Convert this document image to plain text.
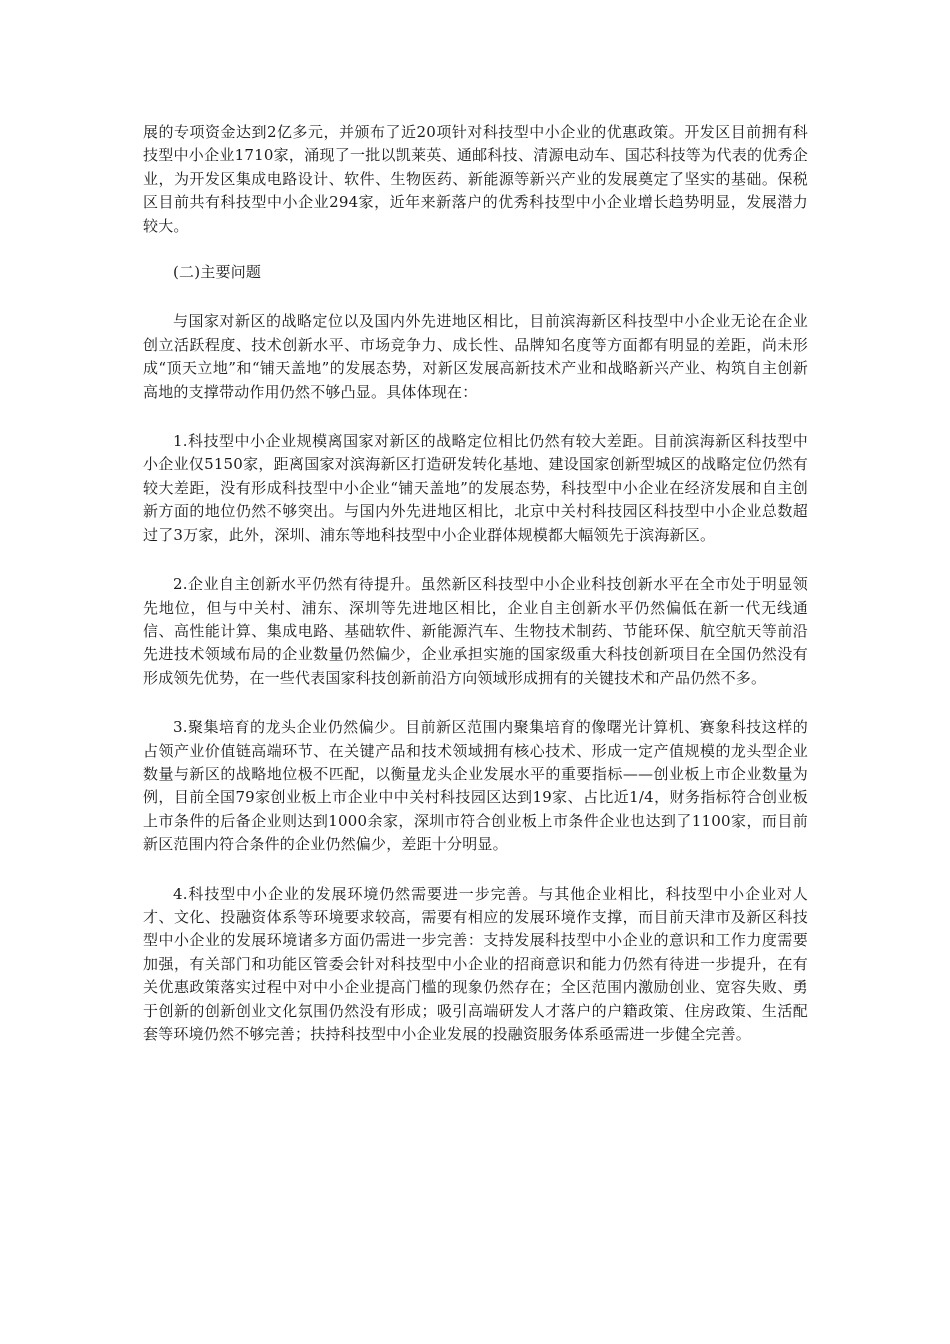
展的专项资金达到2亿多元，并颁布了近20项针对科技型中小企业的优惠政策。开发区目前拥有科技型中小企业1710家，涌现了一批以凯莱英、通邮科技、清源电动车、国芯科技等为代表的优秀企业，为开发区集成电路设计、软件、生物医药、新能源等新兴产业的发展奠定了坚实的基础。保税区目前共有科技型中小企业294家，近年来新落户的优秀科技型中小企业增长趋势明显，发展潜力较大。

(二)主要问题

与国家对新区的战略定位以及国内外先进地区相比，目前滨海新区科技型中小企业无论在企业创立活跃程度、技术创新水平、市场竞争力、成长性、品牌知名度等方面都有明显的差距，尚未形成“顶天立地”和“铺天盖地”的发展态势，对新区发展高新技术产业和战略新兴产业、构筑自主创新高地的支撑带动作用仍然不够凸显。具体体现在：

1.科技型中小企业规模离国家对新区的战略定位相比仍然有较大差距。目前滨海新区科技型中小企业仅5150家，距离国家对滨海新区打造研发转化基地、建设国家创新型城区的战略定位仍然有较大差距，没有形成科技型中小企业“铺天盖地”的发展态势，科技型中小企业在经济发展和自主创新方面的地位仍然不够突出。与国内外先进地区相比，北京中关村科技园区科技型中小企业总数超过了3万家，此外，深圳、浦东等地科技型中小企业群体规模都大幅领先于滨海新区。

2.企业自主创新水平仍然有待提升。虽然新区科技型中小企业科技创新水平在全市处于明显领先地位，但与中关村、浦东、深圳等先进地区相比，企业自主创新水平仍然偏低在新一代无线通信、高性能计算、集成电路、基础软件、新能源汽车、生物技术制药、节能环保、航空航天等前沿先进技术领域布局的企业数量仍然偏少，企业承担实施的国家级重大科技创新项目在全国仍然没有形成领先优势，在一些代表国家科技创新前沿方向领域形成拥有的关键技术和产品仍然不多。

3.聚集培育的龙头企业仍然偏少。目前新区范围内聚集培育的像曙光计算机、赛象科技这样的占领产业价值链高端环节、在关键产品和技术领域拥有核心技术、形成一定产值规模的龙头型企业数量与新区的战略地位极不匹配，以衡量龙头企业发展水平的重要指标——创业板上市企业数量为例，目前全国79家创业板上市企业中中关村科技园区达到19家、占比近1/4，财务指标符合创业板上市条件的后备企业则达到1000余家，深圳市符合创业板上市条件企业也达到了1100家，而目前新区范围内符合条件的企业仍然偏少，差距十分明显。

4.科技型中小企业的发展环境仍然需要进一步完善。与其他企业相比，科技型中小企业对人才、文化、投融资体系等环境要求较高，需要有相应的发展环境作支撑，而目前天津市及新区科技型中小企业的发展环境诸多方面仍需进一步完善：支持发展科技型中小企业的意识和工作力度需要加强，有关部门和功能区管委会针对科技型中小企业的招商意识和能力仍然有待进一步提升，在有关优惠政策落实过程中对中小企业提高门槛的现象仍然存在；全区范围内激励创业、宽容失败、勇于创新的创新创业文化氛围仍然没有形成；吸引高端研发人才落户的户籍政策、住房政策、生活配套等环境仍然不够完善；扶持科技型中小企业发展的投融资服务体系亟需进一步健全完善。
